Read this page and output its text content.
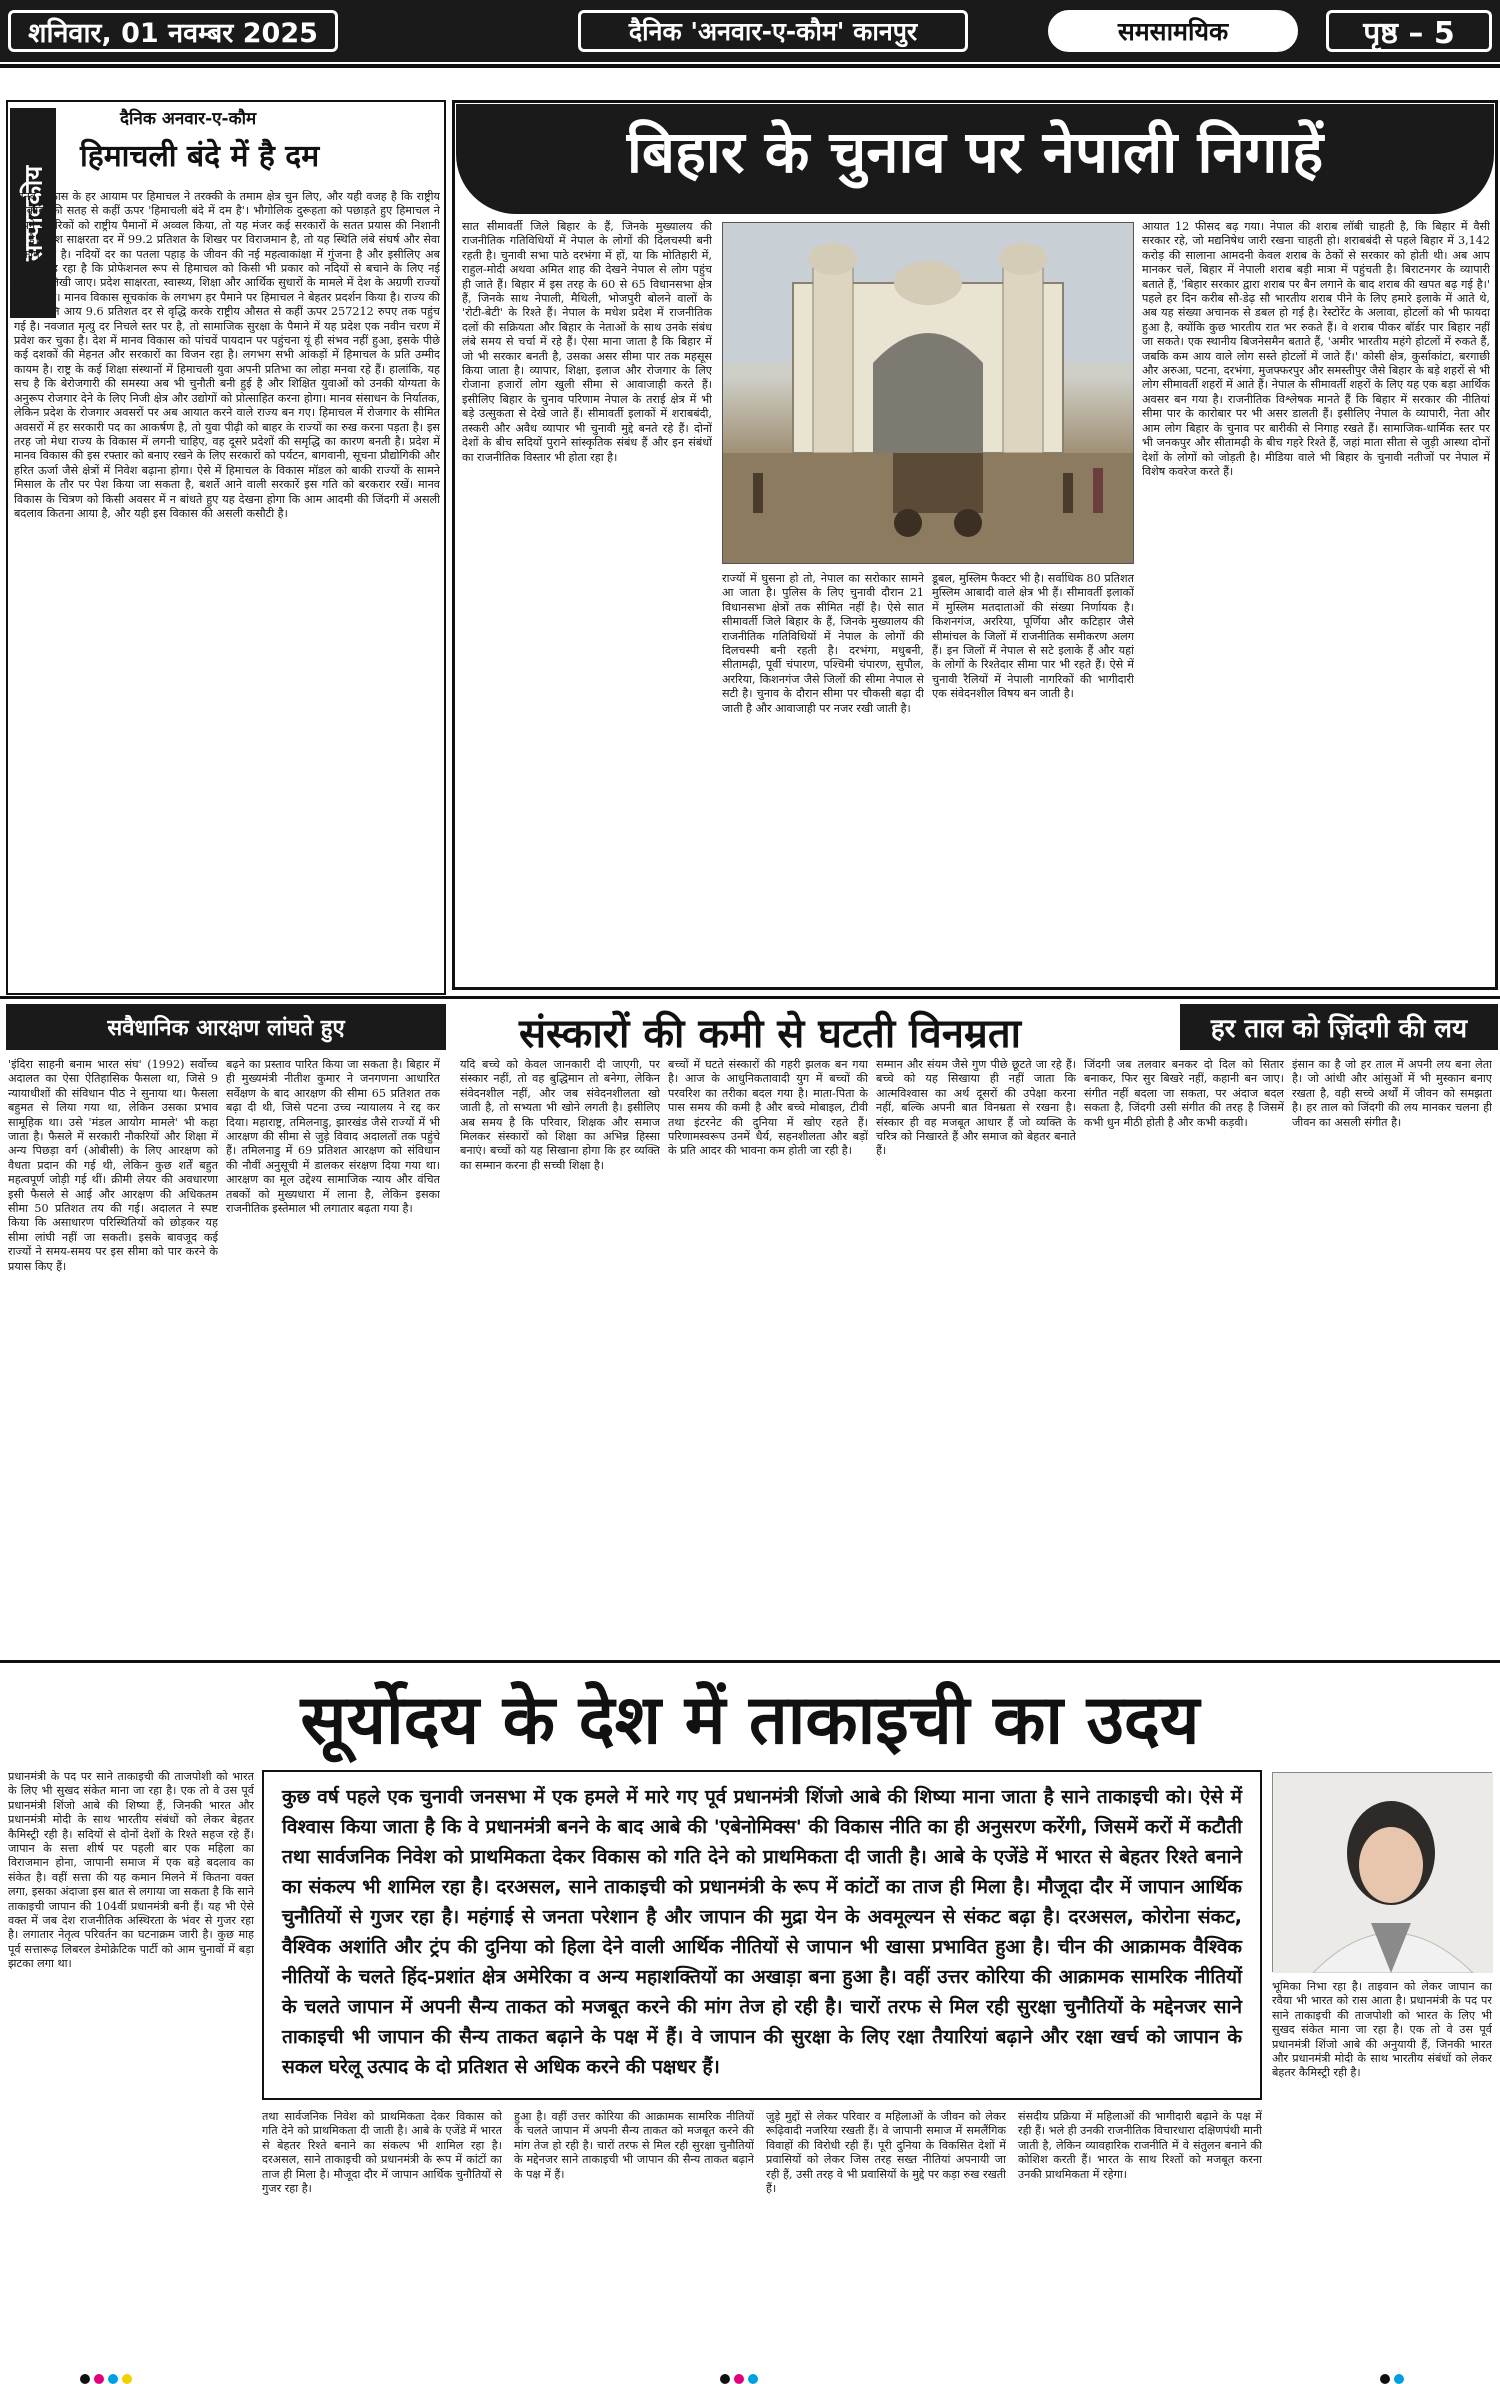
शनिवार, 01 नवम्बर 2025	दैनिक 'अनवार-ए-कौम' कानपुर	समसामयिक	पृष्ठ – 5
सम्पादकीय
दैनिक अनवार-ए-कौम
हिमाचली बंदे में है दम
मानव विकास के हर आयाम पर हिमाचल ने तरक्की के तमाम क्षेत्र चुन लिए, और यही वजह है कि राष्ट्रीय युवकांक की सतह से कहीं ऊपर 'हिमाचली बंदे में दम है'। भौगोलिक दुरूहता को पछाड़ते हुए हिमाचल ने अपने नागरिकों को राष्ट्रीय पैमानों में अव्वल किया, तो यह मंजर कई सरकारों के सतत प्रयास की निशानी भी है। प्रदेश साक्षरता दर में 99.2 प्रतिशत के शिखर पर विराजमान है, तो यह स्थिति लंबे संघर्ष और सेवा सुकाम की है। नदियों दर का पतला पहाड़ के जीवन की नई महत्वाकांक्षा में गुंजना है और इसीलिए अब सोचना पड़ रहा है कि प्रोफेशनल रूप से हिमाचल को किसी भी प्रकार को नदियों से बचाने के लिए नई पटकथा लिखी जाए। प्रदेश साक्षरता, स्वास्थ्य, शिक्षा और आर्थिक सुधारों के मामले में देश के अग्रणी राज्यों में शुमार है। मानव विकास सूचकांक के लगभग हर पैमाने पर हिमाचल ने बेहतर प्रदर्शन किया है। राज्य की प्रति व्यक्ति आय 9.6 प्रतिशत दर से वृद्धि करके राष्ट्रीय औसत से कहीं ऊपर 257212 रुपए तक पहुंच गई है। नवजात मृत्यु दर निचले स्तर पर है, तो सामाजिक सुरक्षा के पैमाने में यह प्रदेश एक नवीन चरण में प्रवेश कर चुका है। देश में मानव विकास को पांचवें पायदान पर पहुंचना यूं ही संभव नहीं हुआ, इसके पीछे कई दशकों की मेहनत और सरकारों का विजन रहा है। लगभग सभी आंकड़ों में हिमाचल के प्रति उम्मीद कायम है। राष्ट्र के कई शिक्षा संस्थानों में हिमाचली युवा अपनी प्रतिभा का लोहा मनवा रहे हैं। हालांकि, यह सच है कि बेरोजगारी की समस्या अब भी चुनौती बनी हुई है और शिक्षित युवाओं को उनकी योग्यता के अनुरूप रोजगार देने के लिए निजी क्षेत्र और उद्योगों को प्रोत्साहित करना होगा। मानव संसाधन के निर्यातक, लेकिन प्रदेश के रोजगार अवसरों पर अब आयात करने वाले राज्य बन गए। हिमाचल में रोजगार के सीमित अवसरों में हर सरकारी पद का आकर्षण है, तो युवा पीढ़ी को बाहर के राज्यों का रुख करना पड़ता है। इस तरह जो मेधा राज्य के विकास में लगनी चाहिए, वह दूसरे प्रदेशों की समृद्धि का कारण बनती है। प्रदेश में मानव विकास की इस रफ्तार को बनाए रखने के लिए सरकारों को पर्यटन, बागवानी, सूचना प्रौद्योगिकी और हरित ऊर्जा जैसे क्षेत्रों में निवेश बढ़ाना होगा। ऐसे में हिमाचल के विकास मॉडल को बाकी राज्यों के सामने मिसाल के तौर पर पेश किया जा सकता है, बशर्ते आने वाली सरकारें इस गति को बरकरार रखें। मानव विकास के चित्रण को किसी अवसर में न बांधते हुए यह देखना होगा कि आम आदमी की जिंदगी में असली बदलाव कितना आया है, और यही इस विकास की असली कसौटी है।
बिहार के चुनाव पर नेपाली निगाहें
सात सीमावर्ती जिले बिहार के हैं, जिनके मुख्यालय की राजनीतिक गतिविधियों में नेपाल के लोगों की दिलचस्पी बनी रहती है। चुनावी सभा पाठे दरभंगा में हों, या कि मोतिहारी में, राहुल-मोदी अथवा अमित शाह की देखने नेपाल से लोग पहुंच ही जाते हैं। बिहार में इस तरह के 60 से 65 विधानसभा क्षेत्र हैं, जिनके साथ नेपाली, मैथिली, भोजपुरी बोलने वालों के 'रोटी-बेटी' के रिश्ते हैं। नेपाल के मधेश प्रदेश में राजनीतिक दलों की सक्रियता और बिहार के नेताओं के साथ उनके संबंध लंबे समय से चर्चा में रहे हैं। ऐसा माना जाता है कि बिहार में जो भी सरकार बनती है, उसका असर सीमा पार तक महसूस किया जाता है। व्यापार, शिक्षा, इलाज और रोजगार के लिए रोजाना हजारों लोग खुली सीमा से आवाजाही करते हैं। इसीलिए बिहार के चुनाव परिणाम नेपाल के तराई क्षेत्र में भी बड़े उत्सुकता से देखे जाते हैं। सीमावर्ती इलाकों में शराबबंदी, तस्करी और अवैध व्यापार भी चुनावी मुद्दे बनते रहे हैं। दोनों देशों के बीच सदियों पुराने सांस्कृतिक संबंध हैं और इन संबंधों का राजनीतिक विस्तार भी होता रहा है।
राज्यों में घुसना हो तो, नेपाल का सरोकार सामने आ जाता है। पुलिस के लिए चुनावी दौरान 21 विधानसभा क्षेत्रों तक सीमित नहीं है। ऐसे सात सीमावर्ती जिले बिहार के हैं, जिनके मुख्यालय की राजनीतिक गतिविधियों में नेपाल के लोगों की दिलचस्पी बनी रहती है। दरभंगा, मधुबनी, सीतामढ़ी, पूर्वी चंपारण, पश्चिमी चंपारण, सुपौल, अररिया, किशनगंज जैसे जिलों की सीमा नेपाल से सटी है। चुनाव के दौरान सीमा पर चौकसी बढ़ा दी जाती है और आवाजाही पर नजर रखी जाती है।
डूबल, मुस्लिम फैक्टर भी है। सर्वाधिक 80 प्रतिशत मुस्लिम आबादी वाले क्षेत्र भी हैं। सीमावर्ती इलाकों में मुस्लिम मतदाताओं की संख्या निर्णायक है। किशनगंज, अररिया, पूर्णिया और कटिहार जैसे सीमांचल के जिलों में राजनीतिक समीकरण अलग हैं। इन जिलों में नेपाल से सटे इलाके हैं और यहां के लोगों के रिश्तेदार सीमा पार भी रहते हैं। ऐसे में चुनावी रैलियों में नेपाली नागरिकों की भागीदारी एक संवेदनशील विषय बन जाती है।
आयात 12 फीसद बढ़ गया। नेपाल की शराब लॉबी चाहती है, कि बिहार में वैसी सरकार रहे, जो मद्यनिषेध जारी रखना चाहती हो। शराबबंदी से पहले बिहार में 3,142 करोड़ की सालाना आमदनी केवल शराब के ठेकों से सरकार को होती थी। अब आप मानकर चलें, बिहार में नेपाली शराब बड़ी मात्रा में पहुंचती है। बिराटनगर के व्यापारी बताते हैं, 'बिहार सरकार द्वारा शराब पर बैन लगाने के बाद शराब की खपत बढ़ गई है।' पहले हर दिन करीब सौ-डेढ़ सौ भारतीय शराब पीने के लिए हमारे इलाके में आते थे, अब यह संख्या अचानक से डबल हो गई है। रेस्टोरेंट के अलावा, होटलों को भी फायदा हुआ है, क्योंकि कुछ भारतीय रात भर रुकते हैं। वे शराब पीकर बॉर्डर पार बिहार नहीं जा सकते। एक स्थानीय बिजनेसमैन बताते हैं, 'अमीर भारतीय महंगे होटलों में रुकते हैं, जबकि कम आय वाले लोग सस्ते होटलों में जाते हैं।' कोसी क्षेत्र, कुर्साकांटा, बरगाछी और अरुआ, पटना, दरभंगा, मुजफ्फरपुर और समस्तीपुर जैसे बिहार के बड़े शहरों से भी लोग सीमावर्ती शहरों में आते हैं। नेपाल के सीमावर्ती शहरों के लिए यह एक बड़ा आर्थिक अवसर बन गया है। राजनीतिक विश्लेषक मानते हैं कि बिहार में सरकार की नीतियां सीमा पार के कारोबार पर भी असर डालती हैं। इसीलिए नेपाल के व्यापारी, नेता और आम लोग बिहार के चुनाव पर बारीकी से निगाह रखते हैं। सामाजिक-धार्मिक स्तर पर भी जनकपुर और सीतामढ़ी के बीच गहरे रिश्ते हैं, जहां माता सीता से जुड़ी आस्था दोनों देशों के लोगों को जोड़ती है। मीडिया वाले भी बिहार के चुनावी नतीजों पर नेपाल में विशेष कवरेज करते हैं।
सवैधानिक आरक्षण लांघते हुए
'इंदिरा साहनी बनाम भारत संघ' (1992) सर्वोच्च अदालत का ऐसा ऐतिहासिक फैसला था, जिसे 9 न्यायाधीशों की संविधान पीठ ने सुनाया था। फैसला बहुमत से लिया गया था, लेकिन उसका प्रभाव सामूहिक था। उसे 'मंडल आयोग मामले' भी कहा जाता है। फैसले में सरकारी नौकरियों और शिक्षा में अन्य पिछड़ा वर्ग (ओबीसी) के लिए आरक्षण को वैधता प्रदान की गई थी, लेकिन कुछ शर्तें बहुत महत्वपूर्ण जोड़ी गई थीं। क्रीमी लेयर की अवधारणा इसी फैसले से आई और आरक्षण की अधिकतम सीमा 50 प्रतिशत तय की गई। अदालत ने स्पष्ट किया कि असाधारण परिस्थितियों को छोड़कर यह सीमा लांघी नहीं जा सकती। इसके बावजूद कई राज्यों ने समय-समय पर इस सीमा को पार करने के प्रयास किए हैं।
बढ़ने का प्रस्ताव पारित किया जा सकता है। बिहार में ही मुख्यमंत्री नीतीश कुमार ने जनगणना आधारित सर्वेक्षण के बाद आरक्षण की सीमा 65 प्रतिशत तक बढ़ा दी थी, जिसे पटना उच्च न्यायालय ने रद्द कर दिया। महाराष्ट्र, तमिलनाडु, झारखंड जैसे राज्यों में भी आरक्षण की सीमा से जुड़े विवाद अदालतों तक पहुंचे हैं। तमिलनाडु में 69 प्रतिशत आरक्षण को संविधान की नौवीं अनुसूची में डालकर संरक्षण दिया गया था। आरक्षण का मूल उद्देश्य सामाजिक न्याय और वंचित तबकों को मुख्यधारा में लाना है, लेकिन इसका राजनीतिक इस्तेमाल भी लगातार बढ़ता गया है।
संस्कारों की कमी से घटती विनम्रता	हर ताल को ज़िंदगी की लय
यदि बच्चे को केवल जानकारी दी जाएगी, पर संस्कार नहीं, तो वह बुद्धिमान तो बनेगा, लेकिन संवेदनशील नहीं, और जब संवेदनशीलता खो जाती है, तो सभ्यता भी खोने लगती है। इसीलिए अब समय है कि परिवार, शिक्षक और समाज मिलकर संस्कारों को शिक्षा का अभिन्न हिस्सा बनाएं। बच्चों को यह सिखाना होगा कि हर व्यक्ति का सम्मान करना ही सच्ची शिक्षा है।
बच्चों में घटते संस्कारों की गहरी झलक बन गया है। आज के आधुनिकतावादी युग में बच्चों की परवरिश का तरीका बदल गया है। माता-पिता के पास समय की कमी है और बच्चे मोबाइल, टीवी तथा इंटरनेट की दुनिया में खोए रहते हैं। परिणामस्वरूप उनमें धैर्य, सहनशीलता और बड़ों के प्रति आदर की भावना कम होती जा रही है।
सम्मान और संयम जैसे गुण पीछे छूटते जा रहे हैं। बच्चे को यह सिखाया ही नहीं जाता कि आत्मविश्वास का अर्थ दूसरों की उपेक्षा करना नहीं, बल्कि अपनी बात विनम्रता से रखना है। संस्कार ही वह मजबूत आधार हैं जो व्यक्ति के चरित्र को निखारते हैं और समाज को बेहतर बनाते हैं।
जिंदगी जब तलवार बनकर दो दिल को सितार बनाकर, फिर सुर बिखरे नहीं, कहानी बन जाए। संगीत नहीं बदला जा सकता, पर अंदाज बदल सकता है, जिंदगी उसी संगीत की तरह है जिसमें कभी धुन मीठी होती है और कभी कड़वी।
इंसान का है जो हर ताल में अपनी लय बना लेता है। जो आंधी और आंसुओं में भी मुस्कान बनाए रखता है, वही सच्चे अर्थों में जीवन को समझता है। हर ताल को जिंदगी की लय मानकर चलना ही जीवन का असली संगीत है।
सूर्योदय के देश में ताकाइची का उदय
प्रधानमंत्री के पद पर साने ताकाइची की ताजपोशी को भारत के लिए भी सुखद संकेत माना जा रहा है। एक तो वे उस पूर्व प्रधानमंत्री शिंजो आबे की शिष्या हैं, जिनकी भारत और प्रधानमंत्री मोदी के साथ भारतीय संबंधों को लेकर बेहतर कैमिस्ट्री रही है। सदियों से दोनों देशों के रिश्ते सहज रहे हैं। जापान के सत्ता शीर्ष पर पहली बार एक महिला का विराजमान होना, जापानी समाज में एक बड़े बदलाव का संकेत है। वहीं सत्ता की यह कमान मिलने में कितना वक्त लगा, इसका अंदाजा इस बात से लगाया जा सकता है कि साने ताकाइची जापान की 104वीं प्रधानमंत्री बनी हैं। यह भी ऐसे वक्त में जब देश राजनीतिक अस्थिरता के भंवर से गुजर रहा है। लगातार नेतृत्व परिवर्तन का घटनाक्रम जारी है। कुछ माह पूर्व सत्तारूढ़ लिबरल डेमोक्रेटिक पार्टी को आम चुनावों में बड़ा झटका लगा था।
कुछ वर्ष पहले एक चुनावी जनसभा में एक हमले में मारे गए पूर्व प्रधानमंत्री शिंजो आबे की शिष्या माना जाता है साने ताकाइची को। ऐसे में विश्वास किया जाता है कि वे प्रधानमंत्री बनने के बाद आबे की 'एबेनोमिक्स' की विकास नीति का ही अनुसरण करेंगी, जिसमें करों में कटौती तथा सार्वजनिक निवेश को प्राथमिकता देकर विकास को गति देने को प्राथमिकता दी जाती है। आबे के एजेंडे में भारत से बेहतर रिश्ते बनाने का संकल्प भी शामिल रहा है। दरअसल, साने ताकाइची को प्रधानमंत्री के रूप में कांटों का ताज ही मिला है। मौजूदा दौर में जापान आर्थिक चुनौतियों से गुजर रहा है। महंगाई से जनता परेशान है और जापान की मुद्रा येन के अवमूल्यन से संकट बढ़ा है। दरअसल, कोरोना संकट, वैश्विक अशांति और ट्रंप की दुनिया को हिला देने वाली आर्थिक नीतियों से जापान भी खासा प्रभावित हुआ है। चीन की आक्रामक वैश्विक नीतियों के चलते हिंद-प्रशांत क्षेत्र अमेरिका व अन्य महाशक्तियों का अखाड़ा बना हुआ है। वहीं उत्तर कोरिया की आक्रामक सामरिक नीतियों के चलते जापान में अपनी सैन्य ताकत को मजबूत करने की मांग तेज हो रही है। चारों तरफ से मिल रही सुरक्षा चुनौतियों के मद्देनजर साने ताकाइची भी जापान की सैन्य ताकत बढ़ाने के पक्ष में हैं। वे जापान की सुरक्षा के लिए रक्षा तैयारियां बढ़ाने और रक्षा खर्च को जापान के सकल घरेलू उत्पाद के दो प्रतिशत से अधिक करने की पक्षधर हैं।
भूमिका निभा रहा है। ताइवान को लेकर जापान का रवैया भी भारत को रास आता है। प्रधानमंत्री के पद पर साने ताकाइची की ताजपोशी को भारत के लिए भी सुखद संकेत माना जा रहा है। एक तो वे उस पूर्व प्रधानमंत्री शिंजो आबे की अनुयायी हैं, जिनकी भारत और प्रधानमंत्री मोदी के साथ भारतीय संबंधों को लेकर बेहतर कैमिस्ट्री रही है।
तथा सार्वजनिक निवेश को प्राथमिकता देकर विकास को गति देने को प्राथमिकता दी जाती है। आबे के एजेंडे में भारत से बेहतर रिश्ते बनाने का संकल्प भी शामिल रहा है। दरअसल, साने ताकाइची को प्रधानमंत्री के रूप में कांटों का ताज ही मिला है। मौजूदा दौर में जापान आर्थिक चुनौतियों से गुजर रहा है।
हुआ है। वहीं उत्तर कोरिया की आक्रामक सामरिक नीतियों के चलते जापान में अपनी सैन्य ताकत को मजबूत करने की मांग तेज हो रही है। चारों तरफ से मिल रही सुरक्षा चुनौतियों के मद्देनजर साने ताकाइची भी जापान की सैन्य ताकत बढ़ाने के पक्ष में हैं।
जुड़े मुद्दों से लेकर परिवार व महिलाओं के जीवन को लेकर रूढ़िवादी नजरिया रखती हैं। वे जापानी समाज में समलैंगिक विवाहों की विरोधी रही हैं। पूरी दुनिया के विकसित देशों में प्रवासियों को लेकर जिस तरह सख्त नीतियां अपनायी जा रही हैं, उसी तरह वे भी प्रवासियों के मुद्दे पर कड़ा रुख रखती हैं।
संसदीय प्रक्रिया में महिलाओं की भागीदारी बढ़ाने के पक्ष में रही हैं। भले ही उनकी राजनीतिक विचारधारा दक्षिणपंथी मानी जाती है, लेकिन व्यावहारिक राजनीति में वे संतुलन बनाने की कोशिश करती हैं। भारत के साथ रिश्तों को मजबूत करना उनकी प्राथमिकता में रहेगा।
